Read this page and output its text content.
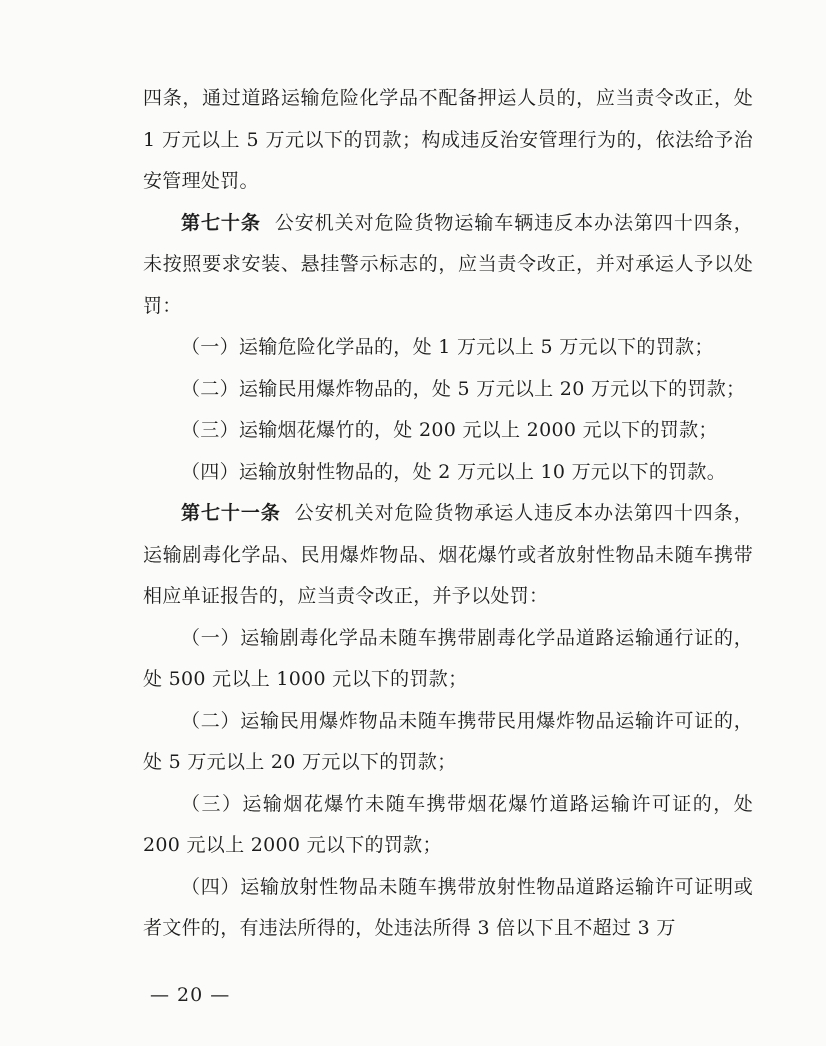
四条，通过道路运输危险化学品不配备押运人员的，应当责令改正，处 1 万元以上 5 万元以下的罚款；构成违反治安管理行为的，依法给予治安管理处罚。

第七十条 公安机关对危险货物运输车辆违反本办法第四十四条，未按照要求安装、悬挂警示标志的，应当责令改正，并对承运人予以处罚：

（一）运输危险化学品的，处 1 万元以上 5 万元以下的罚款；

（二）运输民用爆炸物品的，处 5 万元以上 20 万元以下的罚款；

（三）运输烟花爆竹的，处 200 元以上 2000 元以下的罚款；

（四）运输放射性物品的，处 2 万元以上 10 万元以下的罚款。

第七十一条 公安机关对危险货物承运人违反本办法第四十四条，运输剧毒化学品、民用爆炸物品、烟花爆竹或者放射性物品未随车携带相应单证报告的，应当责令改正，并予以处罚：

（一）运输剧毒化学品未随车携带剧毒化学品道路运输通行证的，处 500 元以上 1000 元以下的罚款；

（二）运输民用爆炸物品未随车携带民用爆炸物品运输许可证的，处 5 万元以上 20 万元以下的罚款；

（三）运输烟花爆竹未随车携带烟花爆竹道路运输许可证的，处 200 元以上 2000 元以下的罚款；

（四）运输放射性物品未随车携带放射性物品道路运输许可证明或者文件的，有违法所得的，处违法所得 3 倍以下且不超过 3 万

— 20 —
